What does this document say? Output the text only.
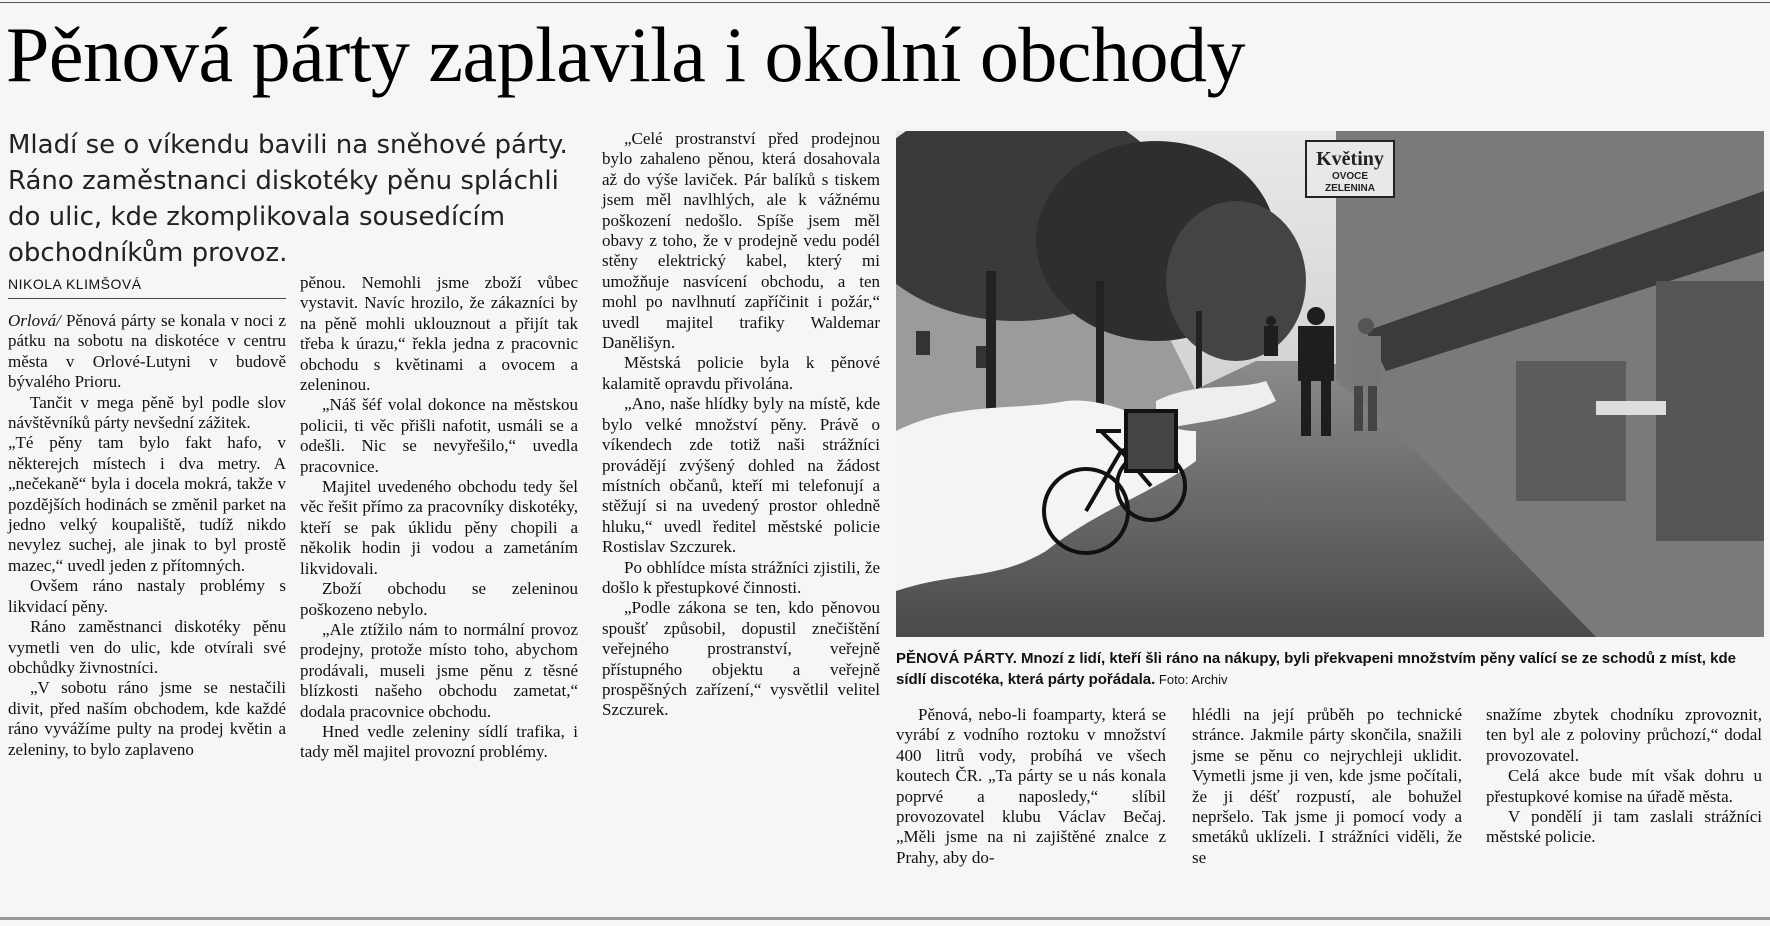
Pěnová párty zaplavila i okolní obchody
Mladí se o víkendu bavili na sněhové párty. Ráno zaměstnanci diskotéky pěnu spláchli do ulic, kde zkomplikovala sousedícím obchodníkům provoz.
NIKOLA KLIMŠOVÁ

Orlová/ Pěnová párty se konala v noci z pátku na sobotu na diskotéce v centru města v Orlové-Lutyni v budově bývalého Prioru.

Tančit v mega pěně byl podle slov návštěvníků párty nevšední zážitek.

„Té pěny tam bylo fakt hafo, v některejch místech i dva metry. A „nečekaně“ byla i docela mokrá, takže v pozdějších hodinách se změnil parket na jedno velký koupaliště, tudíž nikdo nevylez suchej, ale jinak to byl prostě mazec,“ uvedl jeden z přítomných.

Ovšem ráno nastaly problémy s likvidací pěny.

Ráno zaměstnanci diskotéky pěnu vymetli ven do ulic, kde otvírali své obchůdky živnostníci.

„V sobotu ráno jsme se nestačili divit, před naším obchodem, kde každé ráno vyvážíme pulty na prodej květin a zeleniny, to bylo zaplaveno

pěnou. Nemohli jsme zboží vůbec vystavit. Navíc hrozilo, že zákazníci by na pěně mohli uklouznout a přijít tak třeba k úrazu,“ řekla jedna z pracovnic obchodu s květinami a ovocem a zeleninou.

„Náš šéf volal dokonce na městskou policii, ti věc přišli nafotit, usmáli se a odešli. Nic se nevyřešilo,“ uvedla pracovnice.

Majitel uvedeného obchodu tedy šel věc řešit přímo za pracovníky diskotéky, kteří se pak úklidu pěny chopili a několik hodin ji vodou a zametáním likvidovali.

Zboží obchodu se zeleninou poškozeno nebylo.

„Ale ztížilo nám to normální provoz prodejny, protože místo toho, abychom prodávali, museli jsme pěnu z těsné blízkosti našeho obchodu zametat,“ dodala pracovnice obchodu.

Hned vedle zeleniny sídlí trafika, i tady měl majitel provozní problémy.

„Celé prostranství před prodejnou bylo zahaleno pěnou, která dosahovala až do výše laviček. Pár balíků s tiskem jsem měl navlhlých, ale k vážnému poškození nedošlo. Spíše jsem měl obavy z toho, že v prodejně vedu podél stěny elektrický kabel, který mi umožňuje nasvícení obchodu, a ten mohl po navlhnutí zapříčinit i požár,“ uvedl majitel trafiky Waldemar Danělišyn.

Městská policie byla k pěnové kalamitě opravdu přivolána.

„Ano, naše hlídky byly na místě, kde bylo velké množství pěny. Právě o víkendech zde totiž naši strážníci provádějí zvýšený dohled na žádost místních občanů, kteří mi telefonují a stěžují si na uvedený prostor ohledně hluku,“ uvedl ředitel městské policie Rostislav Szczurek.

Po obhlídce místa strážníci zjistili, že došlo k přestupkové činnosti.

„Podle zákona se ten, kdo pěnovou spoušť způsobil, dopustil znečištění veřejného prostranství, veřejně přístupného objektu a veřejně prospěšných zařízení,“ vysvětlil velitel Szczurek.

Květiny
OVOCE
ZELENINA
PĚNOVÁ PÁRTY. Mnozí z lidí, kteří šli ráno na nákupy, byli překvapeni množstvím pěny valící se ze schodů z míst, kde sídlí discotéka, která párty pořádala. Foto: Archiv

Pěnová, nebo-li foamparty, která se vyrábí z vodního roztoku v množství 400 litrů vody, probíhá ve všech koutech ČR. „Ta párty se u nás konala poprvé a naposledy,“ slíbil provozovatel klubu Václav Bečaj. „Měli jsme na ni zajištěné znalce z Prahy, aby do-

hlédli na její průběh po technické stránce. Jakmile párty skončila, snažili jsme se pěnu co nejrychleji uklidit. Vymetli jsme ji ven, kde jsme počítali, že ji déšť rozpustí, ale bohužel nepršelo. Tak jsme ji pomocí vody a smetáků uklízeli. I strážníci viděli, že se

snažíme zbytek chodníku zprovoznit, ten byl ale z poloviny průchozí,“ dodal provozovatel.

Celá akce bude mít však dohru u přestupkové komise na úřadě města.

V pondělí ji tam zaslali strážníci městské policie.
